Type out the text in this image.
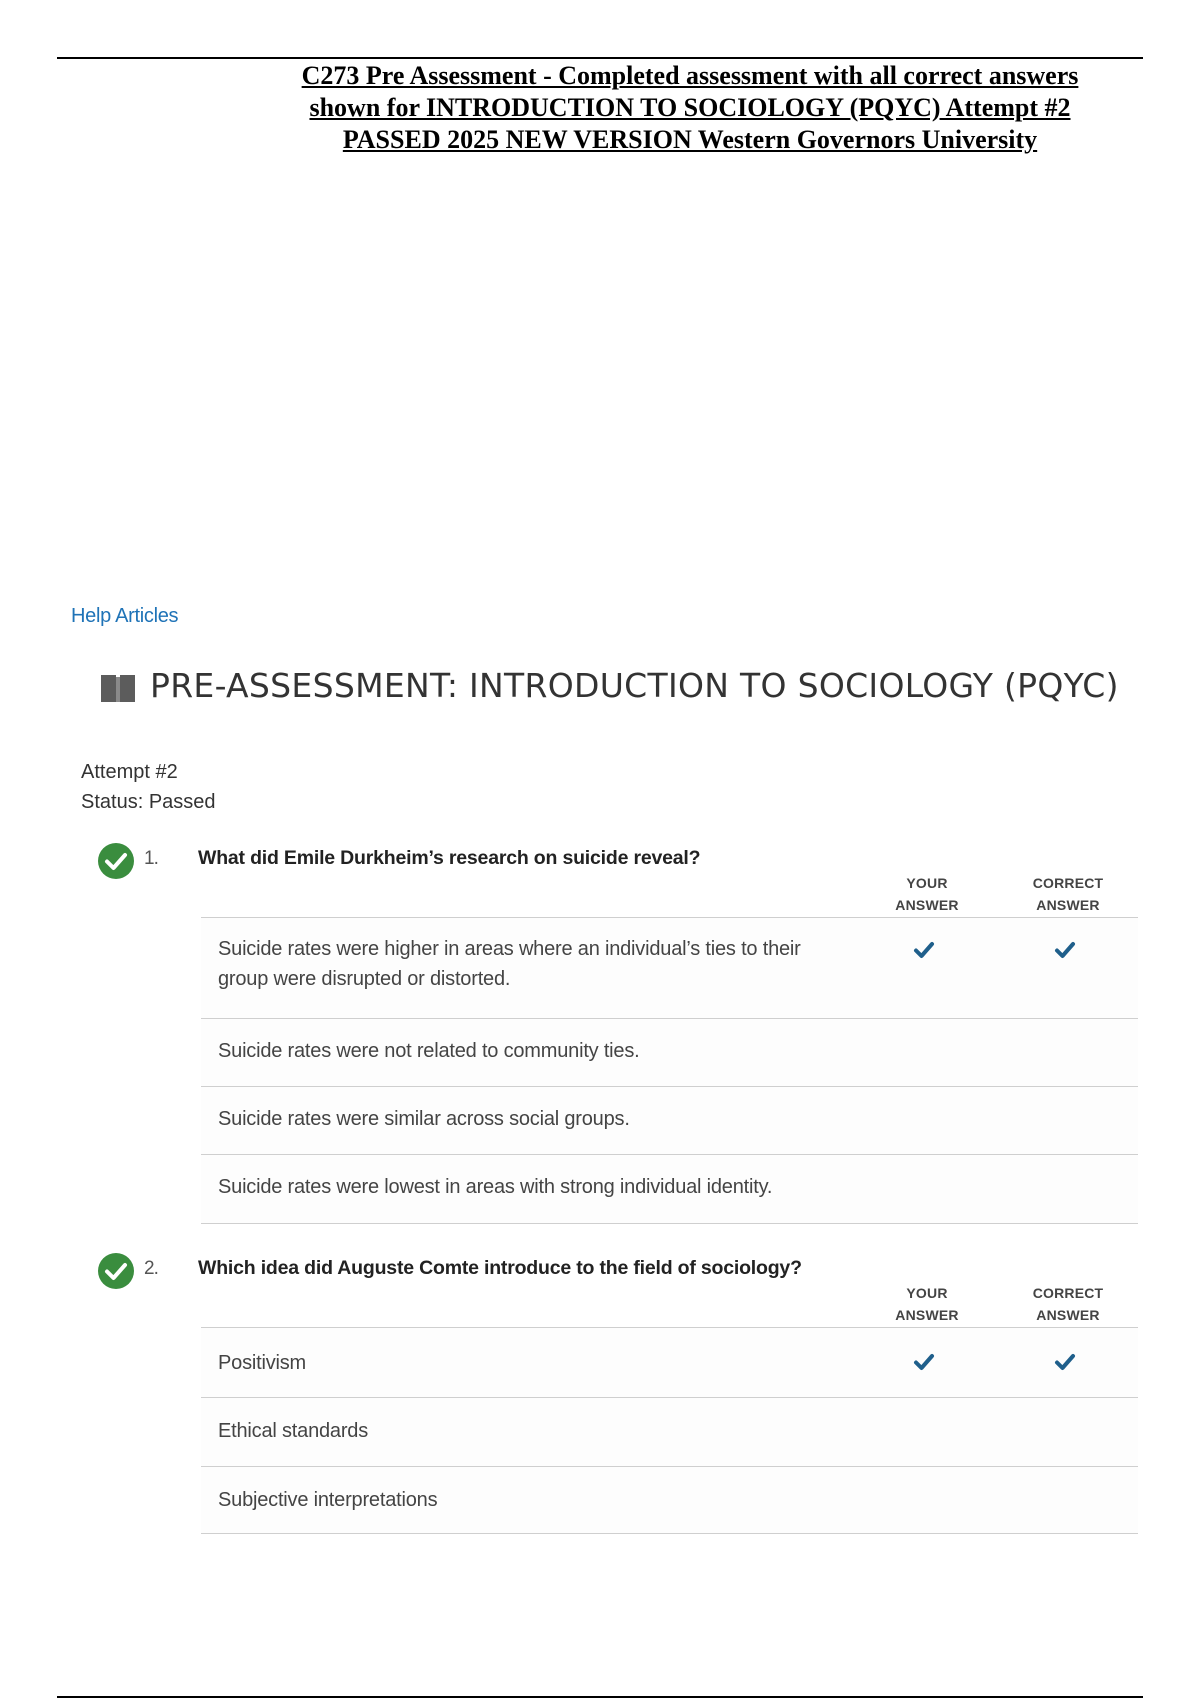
C273 Pre Assessment - Completed assessment with all correct answers
shown for INTRODUCTION TO SOCIOLOGY (PQYC) Attempt #2
PASSED 2025 NEW VERSION Western Governors University
Help Articles
PRE-ASSESSMENT: INTRODUCTION TO SOCIOLOGY (PQYC)
Attempt #2
Status: Passed
1. What did Emile Durkheim’s research on suicide reveal?
YOUR
ANSWER
CORRECT
ANSWER
Suicide rates were higher in areas where an individual’s ties to their group were disrupted or distorted.
Suicide rates were not related to community ties.
Suicide rates were similar across social groups.
Suicide rates were lowest in areas with strong individual identity.
2. Which idea did Auguste Comte introduce to the field of sociology?
YOUR
ANSWER
CORRECT
ANSWER
Positivism
Ethical standards
Subjective interpretations
